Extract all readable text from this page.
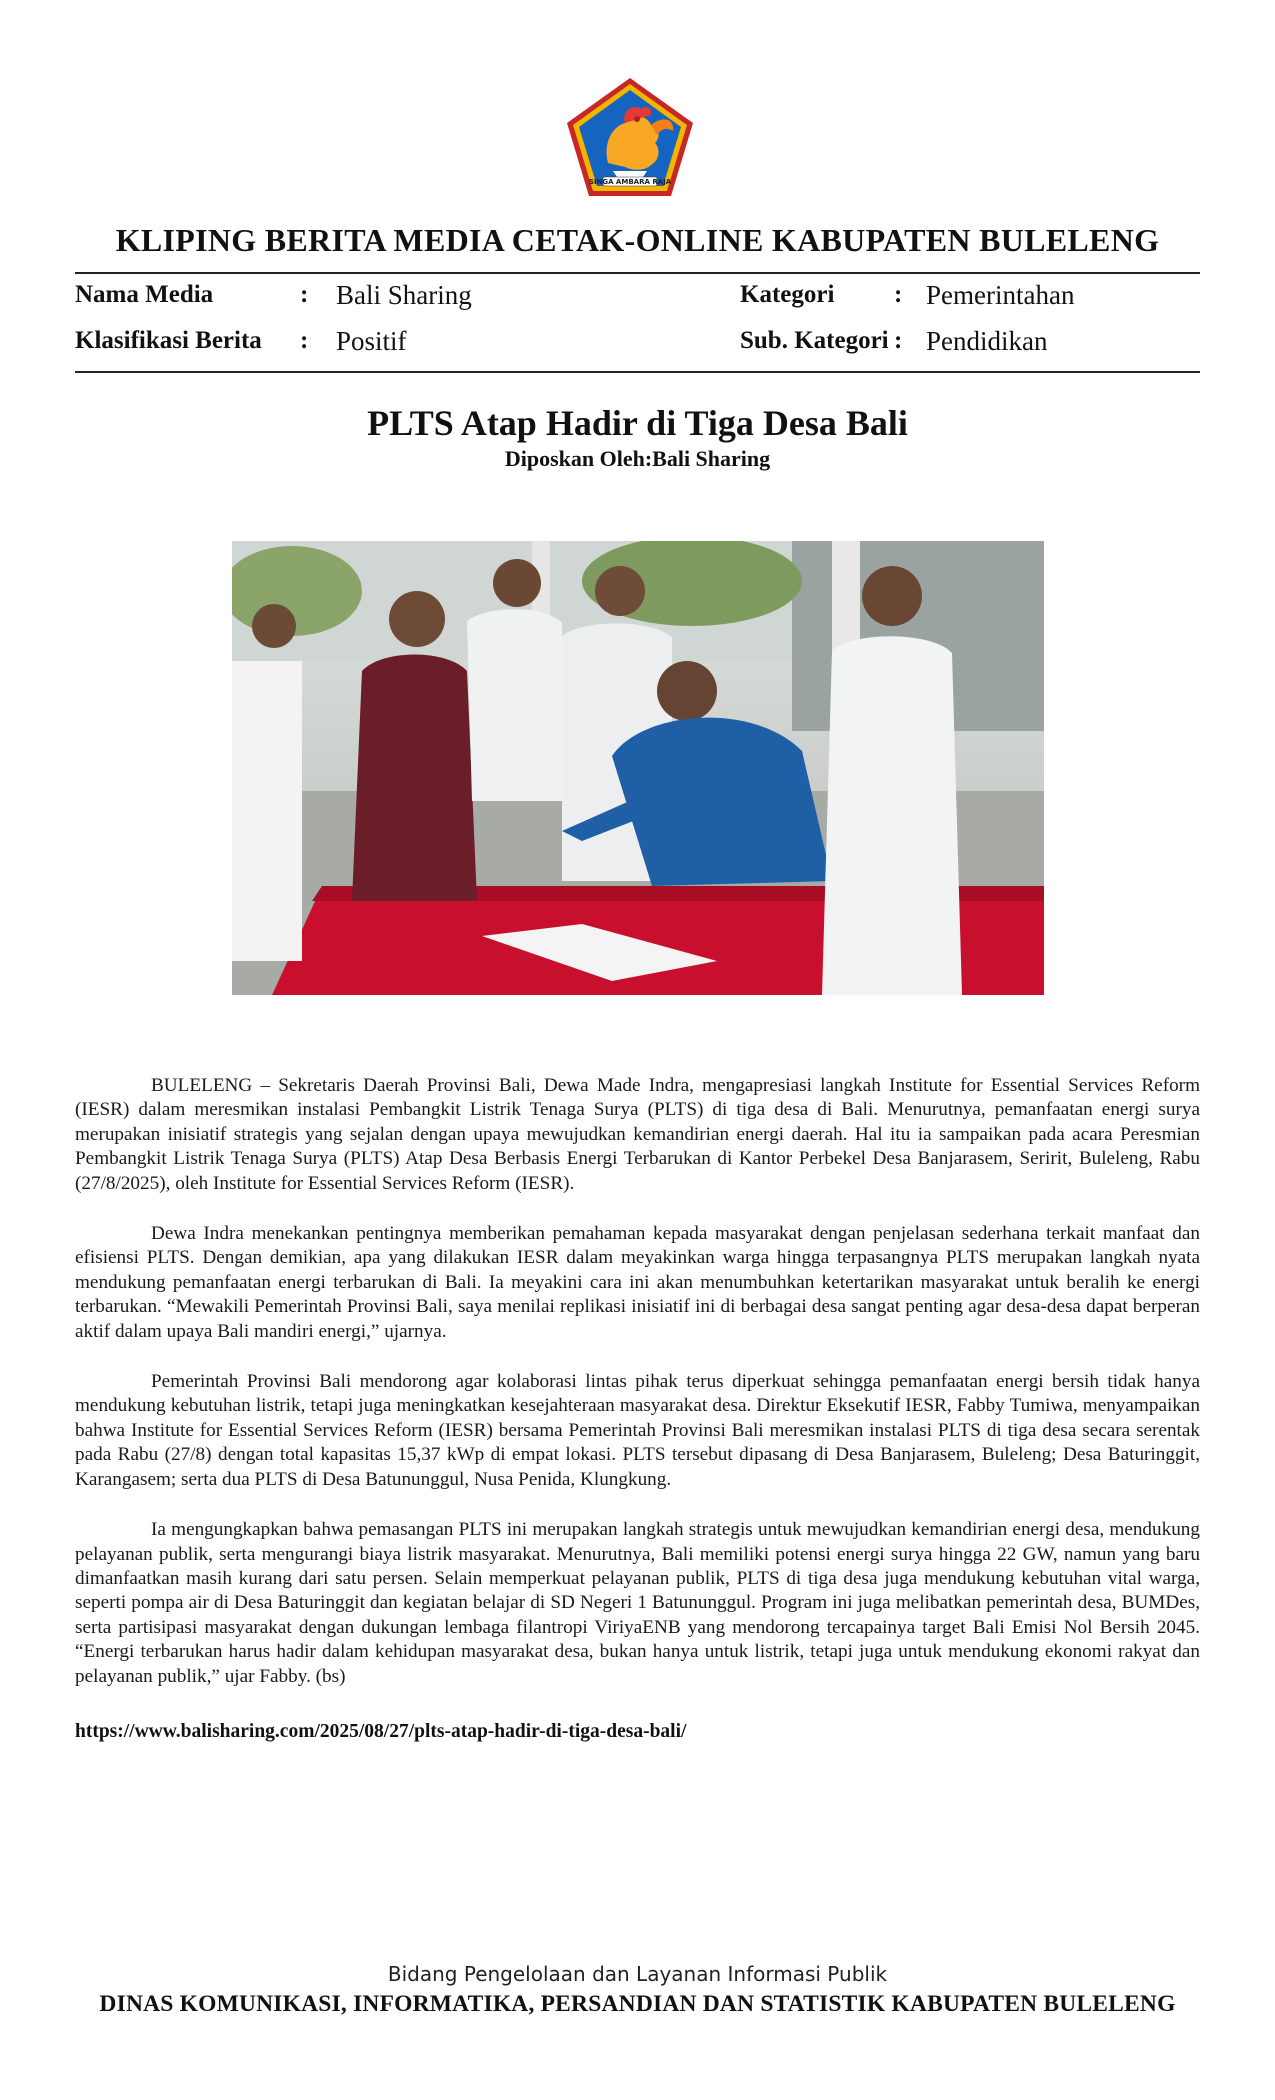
SINGA AMBARA RAJA
KLIPING BERITA MEDIA CETAK-ONLINE KABUPATEN BULELENG
Nama Media	: Bali Sharing
Klasifikasi Berita : Positif
Kategori : Pemerintahan
Sub. Kategori : Pendidikan
PLTS Atap Hadir di Tiga Desa Bali
Diposkan Oleh:Bali Sharing

BULELENG – Sekretaris Daerah Provinsi Bali, Dewa Made Indra, mengapresiasi langkah Institute for Essential Services Reform (IESR) dalam meresmikan instalasi Pembangkit Listrik Tenaga Surya (PLTS) di tiga desa di Bali. Menurutnya, pemanfaatan energi surya merupakan inisiatif strategis yang sejalan dengan upaya mewujudkan kemandirian energi daerah. Hal itu ia sampaikan pada acara Peresmian Pembangkit Listrik Tenaga Surya (PLTS) Atap Desa Berbasis Energi Terbarukan di Kantor Perbekel Desa Banjarasem, Seririt, Buleleng, Rabu (27/8/2025), oleh Institute for Essential Services Reform (IESR).

Dewa Indra menekankan pentingnya memberikan pemahaman kepada masyarakat dengan penjelasan sederhana terkait manfaat dan efisiensi PLTS. Dengan demikian, apa yang dilakukan IESR dalam meyakinkan warga hingga terpasangnya PLTS merupakan langkah nyata mendukung pemanfaatan energi terbarukan di Bali. Ia meyakini cara ini akan menumbuhkan ketertarikan masyarakat untuk beralih ke energi terbarukan. “Mewakili Pemerintah Provinsi Bali, saya menilai replikasi inisiatif ini di berbagai desa sangat penting agar desa-desa dapat berperan aktif dalam upaya Bali mandiri energi,” ujarnya.

Pemerintah Provinsi Bali mendorong agar kolaborasi lintas pihak terus diperkuat sehingga pemanfaatan energi bersih tidak hanya mendukung kebutuhan listrik, tetapi juga meningkatkan kesejahteraan masyarakat desa. Direktur Eksekutif IESR, Fabby Tumiwa, menyampaikan bahwa Institute for Essential Services Reform (IESR) bersama Pemerintah Provinsi Bali meresmikan instalasi PLTS di tiga desa secara serentak pada Rabu (27/8) dengan total kapasitas 15,37 kWp di empat lokasi. PLTS tersebut dipasang di Desa Banjarasem, Buleleng; Desa Baturinggit, Karangasem; serta dua PLTS di Desa Batununggul, Nusa Penida, Klungkung.

Ia mengungkapkan bahwa pemasangan PLTS ini merupakan langkah strategis untuk mewujudkan kemandirian energi desa, mendukung pelayanan publik, serta mengurangi biaya listrik masyarakat. Menurutnya, Bali memiliki potensi energi surya hingga 22 GW, namun yang baru dimanfaatkan masih kurang dari satu persen. Selain memperkuat pelayanan publik, PLTS di tiga desa juga mendukung kebutuhan vital warga, seperti pompa air di Desa Baturinggit dan kegiatan belajar di SD Negeri 1 Batununggul. Program ini juga melibatkan pemerintah desa, BUMDes, serta partisipasi masyarakat dengan dukungan lembaga filantropi ViriyaENB yang mendorong tercapainya target Bali Emisi Nol Bersih 2045. “Energi terbarukan harus hadir dalam kehidupan masyarakat desa, bukan hanya untuk listrik, tetapi juga untuk mendukung ekonomi rakyat dan pelayanan publik,” ujar Fabby. (bs)

https://www.balisharing.com/2025/08/27/plts-atap-hadir-di-tiga-desa-bali/
Bidang Pengelolaan dan Layanan Informasi Publik
DINAS KOMUNIKASI, INFORMATIKA, PERSANDIAN DAN STATISTIK KABUPATEN BULELENG
